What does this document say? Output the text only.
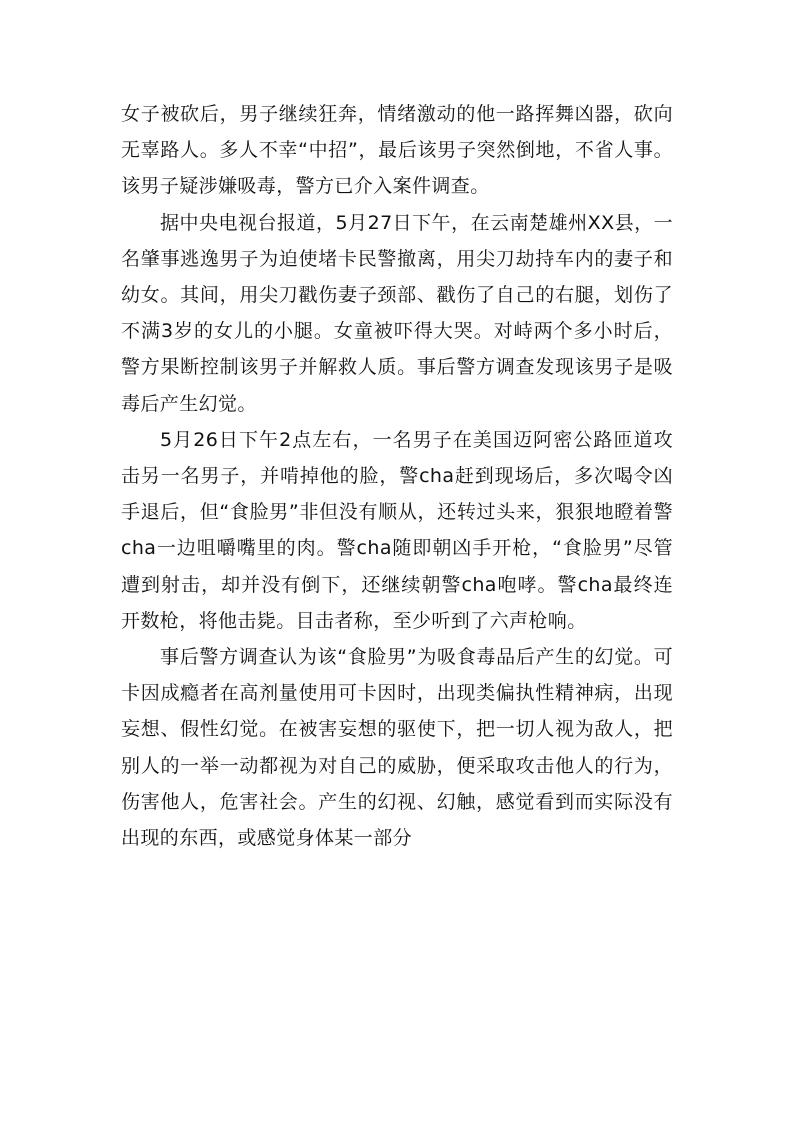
女子被砍后，男子继续狂奔，情绪激动的他一路挥舞凶器，砍向无辜路人。多人不幸“中招”，最后该男子突然倒地，不省人事。该男子疑涉嫌吸毒，警方已介入案件调查。

据中央电视台报道，5月27日下午，在云南楚雄州XX县，一名肇事逃逸男子为迫使堵卡民警撤离，用尖刀劫持车内的妻子和幼女。其间，用尖刀戳伤妻子颈部、戳伤了自己的右腿，划伤了不满3岁的女儿的小腿。女童被吓得大哭。对峙两个多小时后，警方果断控制该男子并解救人质。事后警方调查发现该男子是吸毒后产生幻觉。

5月26日下午2点左右，一名男子在美国迈阿密公路匝道攻击另一名男子，并啃掉他的脸，警cha赶到现场后，多次喝令凶手退后，但“食脸男”非但没有顺从，还转过头来，狠狠地瞪着警cha一边咀嚼嘴里的肉。警cha随即朝凶手开枪，“食脸男”尽管遭到射击，却并没有倒下，还继续朝警cha咆哮。警cha最终连开数枪，将他击毙。目击者称，至少听到了六声枪响。

事后警方调查认为该“食脸男”为吸食毒品后产生的幻觉。可卡因成瘾者在高剂量使用可卡因时，出现类偏执性精神病，出现妄想、假性幻觉。在被害妄想的驱使下，把一切人视为敌人，把别人的一举一动都视为对自己的威胁，便采取攻击他人的行为，伤害他人，危害社会。产生的幻视、幻触，感觉看到而实际没有出现的东西，或感觉身体某一部分
